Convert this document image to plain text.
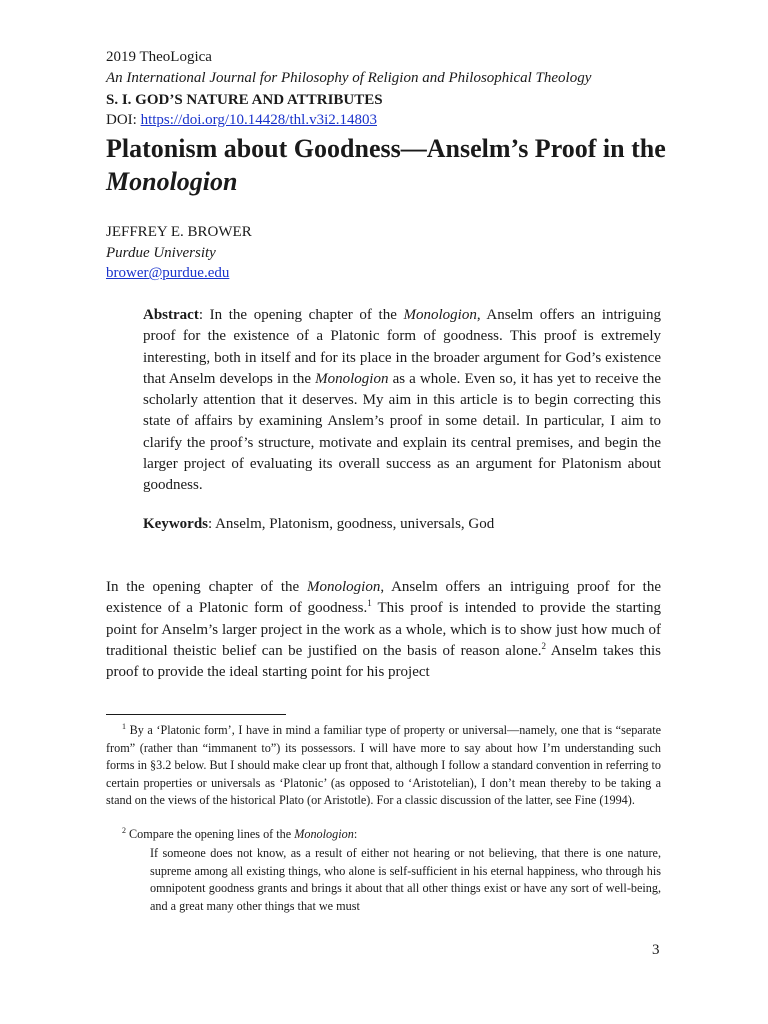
2019 TheoLogica
An International Journal for Philosophy of Religion and Philosophical Theology
S. I. GOD’S NATURE AND ATTRIBUTES
DOI: https://doi.org/10.14428/thl.v3i2.14803
Platonism about Goodness—Anselm’s Proof in the Monologion
JEFFREY E. BROWER
Purdue University
brower@purdue.edu

Abstract: In the opening chapter of the Monologion, Anselm offers an intriguing proof for the existence of a Platonic form of goodness. This proof is extremely interesting, both in itself and for its place in the broader argument for God’s existence that Anselm develops in the Monologion as a whole. Even so, it has yet to receive the scholarly attention that it deserves. My aim in this article is to begin correcting this state of affairs by examining Anslem’s proof in some detail. In particular, I aim to clarify the proof’s structure, motivate and explain its central premises, and begin the larger project of evaluating its overall success as an argument for Platonism about goodness.

Keywords: Anselm, Platonism, goodness, universals, God

In the opening chapter of the Monologion, Anselm offers an intriguing proof for the existence of a Platonic form of goodness.$^1$ This proof is intended to provide the starting point for Anselm’s larger project in the work as a whole, which is to show just how much of traditional theistic belief can be justified on the basis of reason alone.$^2$ Anselm takes this proof to provide the ideal starting point for his project

$^1$ By a ‘Platonic form’, I have in mind a familiar type of property or universal—namely, one that is “separate from” (rather than “immanent to”) its possessors. I will have more to say about how I’m understanding such forms in §3.2 below. But I should make clear up front that, although I follow a standard convention in referring to certain properties or universals as ‘Platonic’ (as opposed to ‘Aristotelian), I don’t mean thereby to be taking a stand on the views of the historical Plato (or Aristotle). For a classic discussion of the latter, see Fine (1994).

$^2$ Compare the opening lines of the Monologion:

If someone does not know, as a result of either not hearing or not believing, that there is one nature, supreme among all existing things, who alone is self-sufficient in his eternal happiness, who through his omnipotent goodness grants and brings it about that all other things exist or have any sort of well-being, and a great many other things that we must

3
